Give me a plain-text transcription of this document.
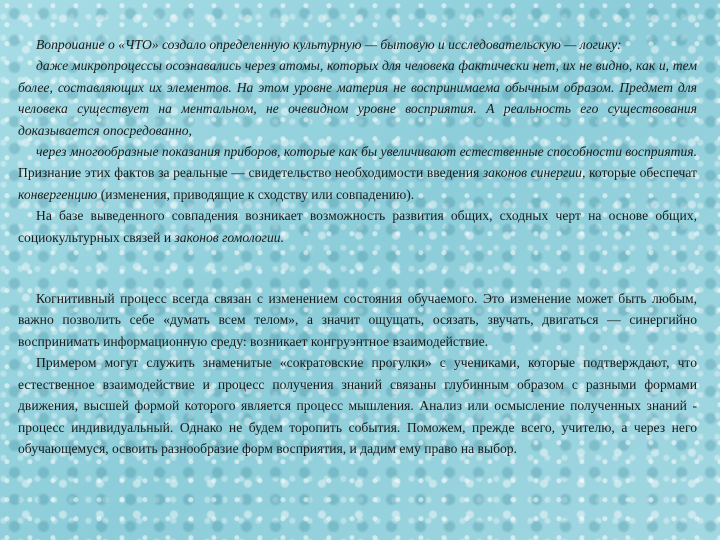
Вопроиание о «ЧТО» создало определенную культурную — бытовую и исследовательскую — логику:

даже микропроцессы осознавались через атомы, которых для человека фактически нет, их не видно, как и, тем более, составляющих их элементов. На этом уровне материя не воспринимаема обычным образом. Предмет для человека существует на ментальном, не очевидном уровне восприятия. А реальность его существования доказывается опосредованно,

через многообразные показания приборов, которые как бы увеличивают естественные способности восприятия. Признание этих фактов за реальные — свидетельство необходимости введения законов синергии, которые обеспечат конвергенцию (изменения, приводящие к сходству или совпадению).

На базе выведенного совпадения возникает возможность развития общих, сходных черт на основе общих, социокультурных связей и законов гомологии.

Когнитивный процесс всегда связан с изменением состояния обучаемого. Это изменение может быть любым, важно позволить себе «думать всем телом», а значит ощущать, осязать, звучать, двигаться — синергийно воспринимать информационную среду: возникает конгруэнтное взаимодействие.

Примером могут служить знаменитые «сократовские прогулки» с учениками, которые подтверждают, что естественное взаимодействие и процесс получения знаний связаны глубинным образом с разными формами движения, высшей формой которого является процесс мышления. Анализ или осмысление полученных знаний - процесс индивидуальный. Однако не будем торопить события. Поможем, прежде всего, учителю, а через него обучающемуся, освоить разнообразие форм восприятия, и дадим ему право на выбор.
